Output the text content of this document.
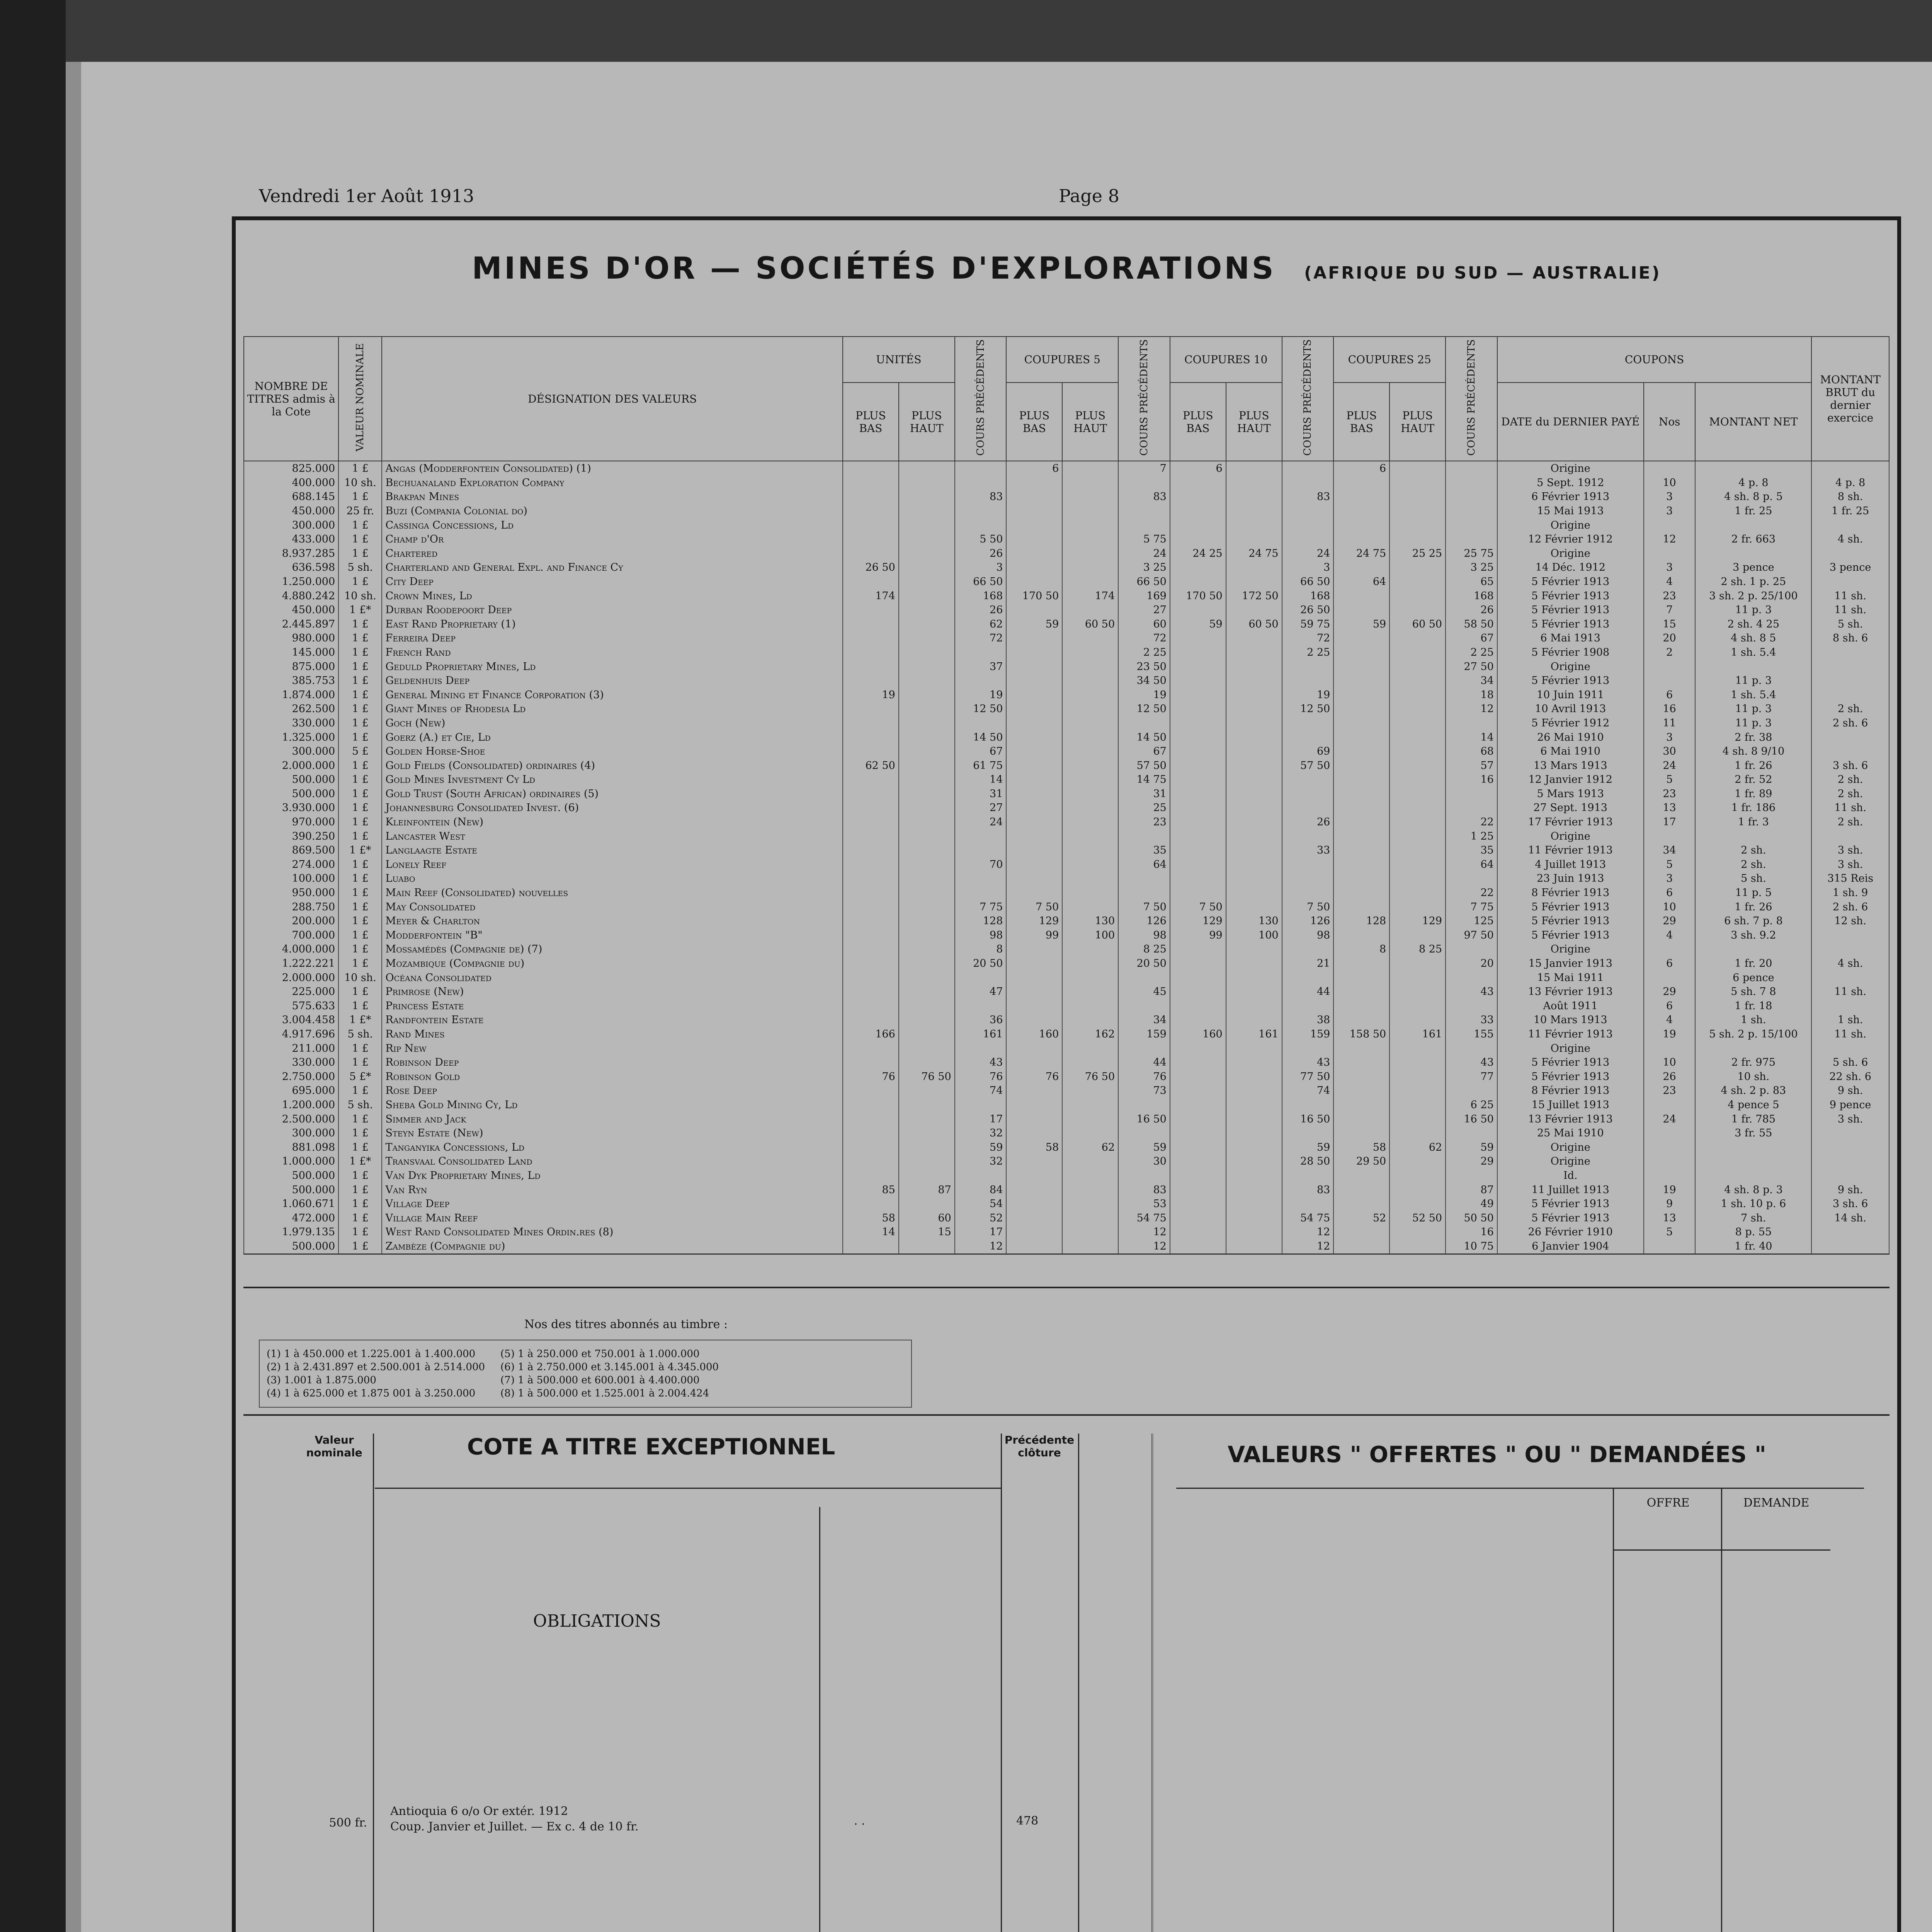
Vendredi 1er Août 1913	Page 8
MINES D'OR — SOCIÉTÉS D'EXPLORATIONS (AFRIQUE DU SUD — AUSTRALIE)
NOMBRE DE TITRES admis à la Cote	VALEUR NOMINALE	DÉSIGNATION DES VALEURS	UNITÉS		COURS PRÉCÉDENTS	COUPURES 5		COURS PRÉCÉDENTS	COUPURES 10		COURS PRÉCÉDENTS	COUPURES 25		COURS PRÉCÉDENTS	COUPONS			MONTANT BRUT du dernier exercice
			PLUS BAS	PLUS HAUT		PLUS BAS	PLUS HAUT		PLUS BAS	PLUS HAUT		PLUS BAS	PLUS HAUT		DATE du DERNIER PAYÉ	Nos	MONTANT NET	
825.000	1 £	Angas (Modderfontein Consolidated) (1)				6		7	6			6			Origine			
400.000	10 sh.	Bechuanaland Exploration Company													5 Sept. 1912	10	4 p. 8	4 p. 8
688.145	1 £	Brakpan Mines			83			83			83				6 Février 1913	3	4 sh. 8 p. 5	8 sh.
450.000	25 fr.	Buzi (Compania Colonial do)													15 Mai 1913	3	1 fr. 25	1 fr. 25
300.000	1 £	Cassinga Concessions, Ld													Origine			
433.000	1 £	Champ d'Or			5 50			5 75							12 Février 1912	12	2 fr. 663	4 sh.
8.937.285	1 £	Chartered			26			24	24 25	24 75	24	24 75	25 25	25 75	Origine			
636.598	5 sh.	Charterland and General Expl. and Finance Cy	26 50		3			3 25			3			3 25	14 Déc. 1912	3	3 pence	3 pence
1.250.000	1 £	City Deep			66 50			66 50			66 50	64		65	5 Février 1913	4	2 sh. 1 p. 25	
4.880.242	10 sh.	Crown Mines, Ld	174		168	170 50	174	169	170 50	172 50	168			168	5 Février 1913	23	3 sh. 2 p. 25/100	11 sh.
450.000	1 £*	Durban Roodepoort Deep			26			27			26 50			26	5 Février 1913	7	11 p. 3	11 sh.
2.445.897	1 £	East Rand Proprietary (1)			62	59	60 50	60	59	60 50	59 75	59	60 50	58 50	5 Février 1913	15	2 sh. 4 25	5 sh.
980.000	1 £	Ferreira Deep			72			72			72			67	6 Mai 1913	20	4 sh. 8 5	8 sh. 6
145.000	1 £	French Rand						2 25			2 25			2 25	5 Février 1908	2	1 sh. 5.4	
875.000	1 £	Geduld Proprietary Mines, Ld			37			23 50						27 50	Origine			
385.753	1 £	Geldenhuis Deep						34 50						34	5 Février 1913		11 p. 3	
1.874.000	1 £	General Mining et Finance Corporation (3)	19		19			19			19			18	10 Juin 1911	6	1 sh. 5.4	
262.500	1 £	Giant Mines of Rhodesia Ld			12 50			12 50			12 50			12	10 Avril 1913	16	11 p. 3	2 sh.
330.000	1 £	Goch (New)													5 Février 1912	11	11 p. 3	2 sh. 6
1.325.000	1 £	Goerz (A.) et Cie, Ld			14 50			14 50						14	26 Mai 1910	3	2 fr. 38	
300.000	5 £	Golden Horse-Shoe			67			67			69			68	6 Mai 1910	30	4 sh. 8 9/10	
2.000.000	1 £	Gold Fields (Consolidated) ordinaires (4)	62 50		61 75			57 50			57 50			57	13 Mars 1913	24	1 fr. 26	3 sh. 6
500.000	1 £	Gold Mines Investment Cy Ld			14			14 75						16	12 Janvier 1912	5	2 fr. 52	2 sh.
500.000	1 £	Gold Trust (South African) ordinaires (5)			31			31							5 Mars 1913	23	1 fr. 89	2 sh.
3.930.000	1 £	Johannesburg Consolidated Invest. (6)			27			25							27 Sept. 1913	13	1 fr. 186	11 sh.
970.000	1 £	Kleinfontein (New)			24			23			26			22	17 Février 1913	17	1 fr. 3	2 sh.
390.250	1 £	Lancaster West												1 25	Origine			
869.500	1 £*	Langlaagte Estate						35			33			35	11 Février 1913	34	2 sh.	3 sh.
274.000	1 £	Lonely Reef			70			64						64	4 Juillet 1913	5	2 sh.	3 sh.
100.000	1 £	Luabo													23 Juin 1913	3	5 sh.	315 Reis
950.000	1 £	Main Reef (Consolidated) nouvelles												22	8 Février 1913	6	11 p. 5	1 sh. 9
288.750	1 £	May Consolidated			7 75	7 50		7 50	7 50		7 50			7 75	5 Février 1913	10	1 fr. 26	2 sh. 6
200.000	1 £	Meyer & Charlton			128	129	130	126	129	130	126	128	129	125	5 Février 1913	29	6 sh. 7 p. 8	12 sh.
700.000	1 £	Modderfontein "B"			98	99	100	98	99	100	98			97 50	5 Février 1913	4	3 sh. 9.2	
4.000.000	1 £	Mossamédès (Compagnie de) (7)			8			8 25				8	8 25		Origine			
1.222.221	1 £	Mozambique (Compagnie du)			20 50			20 50			21			20	15 Janvier 1913	6	1 fr. 20	4 sh.
2.000.000	10 sh.	Océana Consolidated													15 Mai 1911		6 pence	
225.000	1 £	Primrose (New)			47			45			44			43	13 Février 1913	29	5 sh. 7 8	11 sh.
575.633	1 £	Princess Estate													Août 1911	6	1 fr. 18	
3.004.458	1 £*	Randfontein Estate			36			34			38			33	10 Mars 1913	4	1 sh.	1 sh.
4.917.696	5 sh.	Rand Mines	166		161	160	162	159	160	161	159	158 50	161	155	11 Février 1913	19	5 sh. 2 p. 15/100	11 sh.
211.000	1 £	Rip New													Origine			
330.000	1 £	Robinson Deep			43			44			43			43	5 Février 1913	10	2 fr. 975	5 sh. 6
2.750.000	5 £*	Robinson Gold	76	76 50	76	76	76 50	76			77 50			77	5 Février 1913	26	10 sh.	22 sh. 6
695.000	1 £	Rose Deep			74			73			74				8 Février 1913	23	4 sh. 2 p. 83	9 sh.
1.200.000	5 sh.	Sheba Gold Mining Cy, Ld												6 25	15 Juillet 1913		4 pence 5	9 pence
2.500.000	1 £	Simmer and Jack			17			16 50			16 50			16 50	13 Février 1913	24	1 fr. 785	3 sh.
300.000	1 £	Steyn Estate (New)			32										25 Mai 1910		3 fr. 55	
881.098	1 £	Tanganyika Concessions, Ld			59	58	62	59			59	58	62	59	Origine			
1.000.000	1 £*	Transvaal Consolidated Land			32			30			28 50	29 50		29	Origine			
500.000	1 £	Van Dyk Proprietary Mines, Ld													Id.			
500.000	1 £	Van Ryn	85	87	84			83			83			87	11 Juillet 1913	19	4 sh. 8 p. 3	9 sh.
1.060.671	1 £	Village Deep			54			53						49	5 Février 1913	9	1 sh. 10 p. 6	3 sh. 6
472.000	1 £	Village Main Reef	58	60	52			54 75			54 75	52	52 50	50 50	5 Février 1913	13	7 sh.	14 sh.
1.979.135	1 £	West Rand Consolidated Mines Ordin.res (8)	14	15	17			12			12			16	26 Février 1910	5	8 p. 55	
500.000	1 £	Zambèze (Compagnie du)			12			12			12			10 75	6 Janvier 1904		1 fr. 40	
Nos des titres abonnés au timbre :
(1) 1 à 450.000 et 1.225.001 à 1.400.000
(2) 1 à 2.431.897 et 2.500.001 à 2.514.000
(3) 1.001 à 1.875.000
(4) 1 à 625.000 et 1.875 001 à 3.250.000
(5) 1 à 250.000 et 750.001 à 1.000.000
(6) 1 à 2.750.000 et 3.145.001 à 4.345.000
(7) 1 à 500.000 et 600.001 à 4.400.000
(8) 1 à 500.000 et 1.525.001 à 2.004.424
Valeur nominale	COTE A TITRE EXCEPTIONNEL	Précédente clôture
OBLIGATIONS
500 fr.
Antioquia 6 o/o Or extér. 1912
Coup. Janvier et Juillet. — Ex c. 4 de 10 fr.	. .	478
VALEURS " OFFERTES " OU " DEMANDÉES "
OFFRE	DEMANDE
